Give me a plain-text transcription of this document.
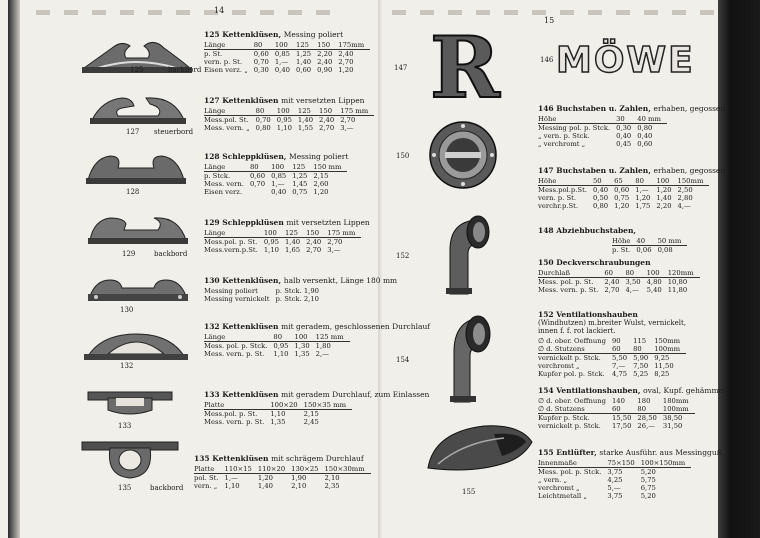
14
15
125	backbord
127 steuerbord
128
129	backbord
130
132
133
135	backbord
125 Kettenklüsen, Messing poliert
Länge	80	100	125	150	175mm
p. St.	0,60	0,85	1,25	2,20	2,40
vern. p. St.	0,70	1,—	1,40	2,40	2,70
Eisen verz. „	0,30	0,40	0,60	0,90	1,20
127 Kettenklüsen mit versetzten Lippen
Länge	80	100	125	150	175 mm
Mess.pol. St.	0,70	0,95	1,40	2,40	2,70
Mess. vern. „	0,80	1,10	1,55	2,70	3,—
128 Schleppklüsen, Messing poliert
Länge	80	100	125	150 mm
p. Stck.	0,60	0,85	1,25	2,15
Mess. vern.	0,70	1,—	1,45	2,60
Eisen verz.		0,40	0,75	1,20
129 Schleppklüsen mit versetzten Lippen
Länge	100	125	150	175 mm
Mess.pol. p. St.	0,95	1,40	2,40	2,70
Mess.vern.p.St.	1,10	1,65	2,70	3,—
130 Kettenklüsen, halb versenkt, Länge 180 mm
Messing poliert	p. Stck. 1,90
Messing vernickelt	p. Stck. 2,10
132 Kettenklüsen mit geradem, geschlossenen Durchlauf
Länge	80	100	125 mm
Mess. pol. p. Stck.	0,95	1,30	1,80
Mess. vern. p. St.	1,10	1,35	2,—
133 Kettenklüsen mit geradem Durchlauf, zum Einlassen
Platte	100×20	150×35 mm
Mess.pol. p. St.	1,10	2,15
Mess. vern. p. St.	1,35	2,45
135 Kettenklüsen mit schrägem Durchlauf
Platte	110×15	110×20	130×25	150×30mm
pol. St.	1,—	1,20	1,90	2,10
vern. „	1,10	1,40	2,10	2,35
147 R	146 MÖWE
150
152
154
155
146 Buchstaben u. Zahlen, erhaben, gegossen.
Höhe	30	40 mm
Messing pol. p. Stck.	0,30	0,80
„ vern. p. Stck.	0,40	0,40
„ verchromt „	0,45	0,60
147 Buchstaben u. Zahlen, erhaben, gegossen.
Höhe	50	65	80	100	150mm
Mess.pol.p.St.	0,40	0,60	1,—	1,20	2,50
vern. p. St.	0,50	0,75	1,20	1,40	2,80
verchr.p.St.	0,80	1,20	1,75	2,20	4,—
148 Abziehbuchstaben,
Höhe	40	50 mm
p. St.	0,06	0,08
150 Deckverschraubungen
Durchlaß	60	80	100	120mm
Mess. pol. p. St.	2,40	3,50	4,80	10,80
Mess. vern. p. St.	2,70	4,—	5,40	11,80
152 Ventilationshauben
(Windhutzen) m.breiter Wulst, vernickelt, innen f. f. rot lackiert.
∅ d. ober. Oeffnung	90	115	150mm
∅ d. Stutzens	60	80	100mm
vernickelt p. Stck.	5,50	5,90	9,25
verchromt „	7,—	7,50	11,50
Kupfer pol. p. Stck.	4,75	5,25	8,25
154 Ventilationshauben, oval, Kupf. gehämmert.
∅ d. ober. Oeffnung	140	180	180mm
∅ d. Stutzens	60	80	100mm
Kupfer p. Stck.	15,50	28,50	38,50
vernickelt p. Stck.	17,50	26,—	31,50
155 Entlüfter, starke Ausführ. aus Messingguß.
Innenmaße	75×150	100×150mm
Mess. pol. p. Stck.	3,75	5,20
„ vern. „	4,25	5,75
verchromt „	5,—	6,75
Leichtmetall „	3,75	5,20
